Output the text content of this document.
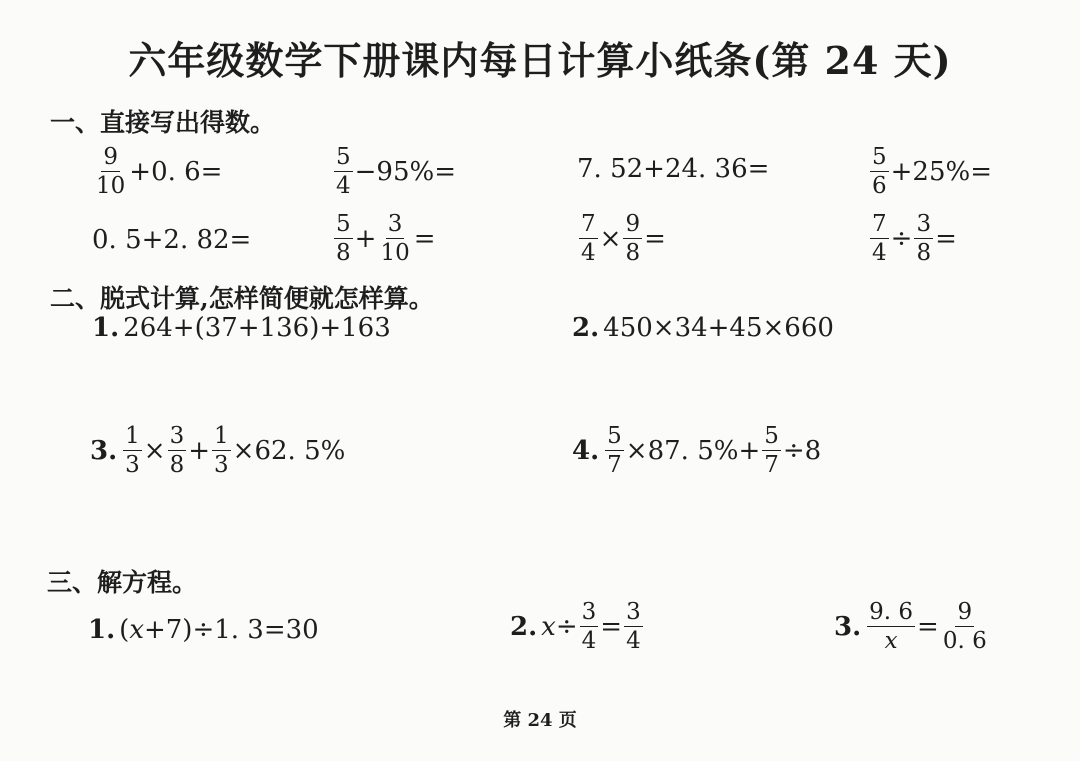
六年级数学下册课内每日计算小纸条(第 24 天)
一、直接写出得数。
$\frac{9}{10} +0$. 6=	$\frac{5}{4} -95\%=$	7. 52+24. 36=	$\frac{5}{6} +25\%=$
0. 5+2. 82=	$\frac{5}{8} + \frac{3}{10}$ =	$\frac{7}{4} \times \frac{9}{8}$ =	$\frac{7}{4} \div \frac{3}{8}$ =
二、脱式计算,怎样简便就怎样算。
1. 264+(37+136)+163	2. 450×34+45×660
3. $\frac{1}{3} \times \frac{3}{8} + \frac{1}{3} \times 62$. 5%	4. $\frac{5}{7} \times 87$. $5\%+ \frac{5}{7} \div 8$
三、解方程。
1. ( x +7)÷1. 3=30	2. $x \div \frac{3}{4} = \frac{3}{4}$	3. $\frac{9. 6}{x} = \frac{9}{0. 6}$
第 24 页
